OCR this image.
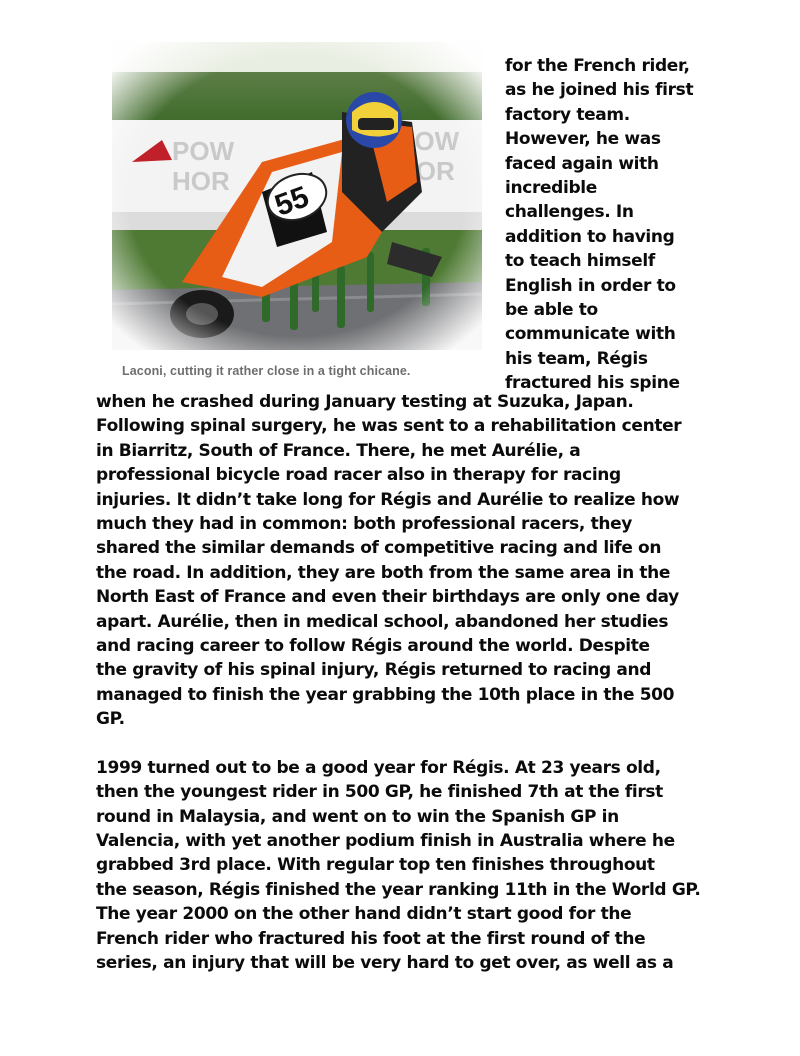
Laconi, cutting it rather close in a tight chicane.
for the French rider,
as he joined his first
factory team.
However, he was
faced again with
incredible
challenges. In
addition to having
to teach himself
English in order to
be able to
communicate with
his team, Régis
fractured his spine
when he crashed during January testing at Suzuka, Japan.
Following spinal surgery, he was sent to a rehabilitation center
in Biarritz, South of France. There, he met Aurélie, a
professional bicycle road racer also in therapy for racing
injuries. It didn’t take long for Régis and Aurélie to realize how
much they had in common: both professional racers, they
shared the similar demands of competitive racing and life on
the road. In addition, they are both from the same area in the
North East of France and even their birthdays are only one day
apart. Aurélie, then in medical school, abandoned her studies
and racing career to follow Régis around the world. Despite
the gravity of his spinal injury, Régis returned to racing and
managed to finish the year grabbing the 10th place in the 500
GP.
1999 turned out to be a good year for Régis. At 23 years old,
then the youngest rider in 500 GP, he finished 7th at the first
round in Malaysia, and went on to win the Spanish GP in
Valencia, with yet another podium finish in Australia where he
grabbed 3rd place. With regular top ten finishes throughout
the season, Régis finished the year ranking 11th in the World GP.
The year 2000 on the other hand didn’t start good for the
French rider who fractured his foot at the first round of the
series, an injury that will be very hard to get over, as well as a
